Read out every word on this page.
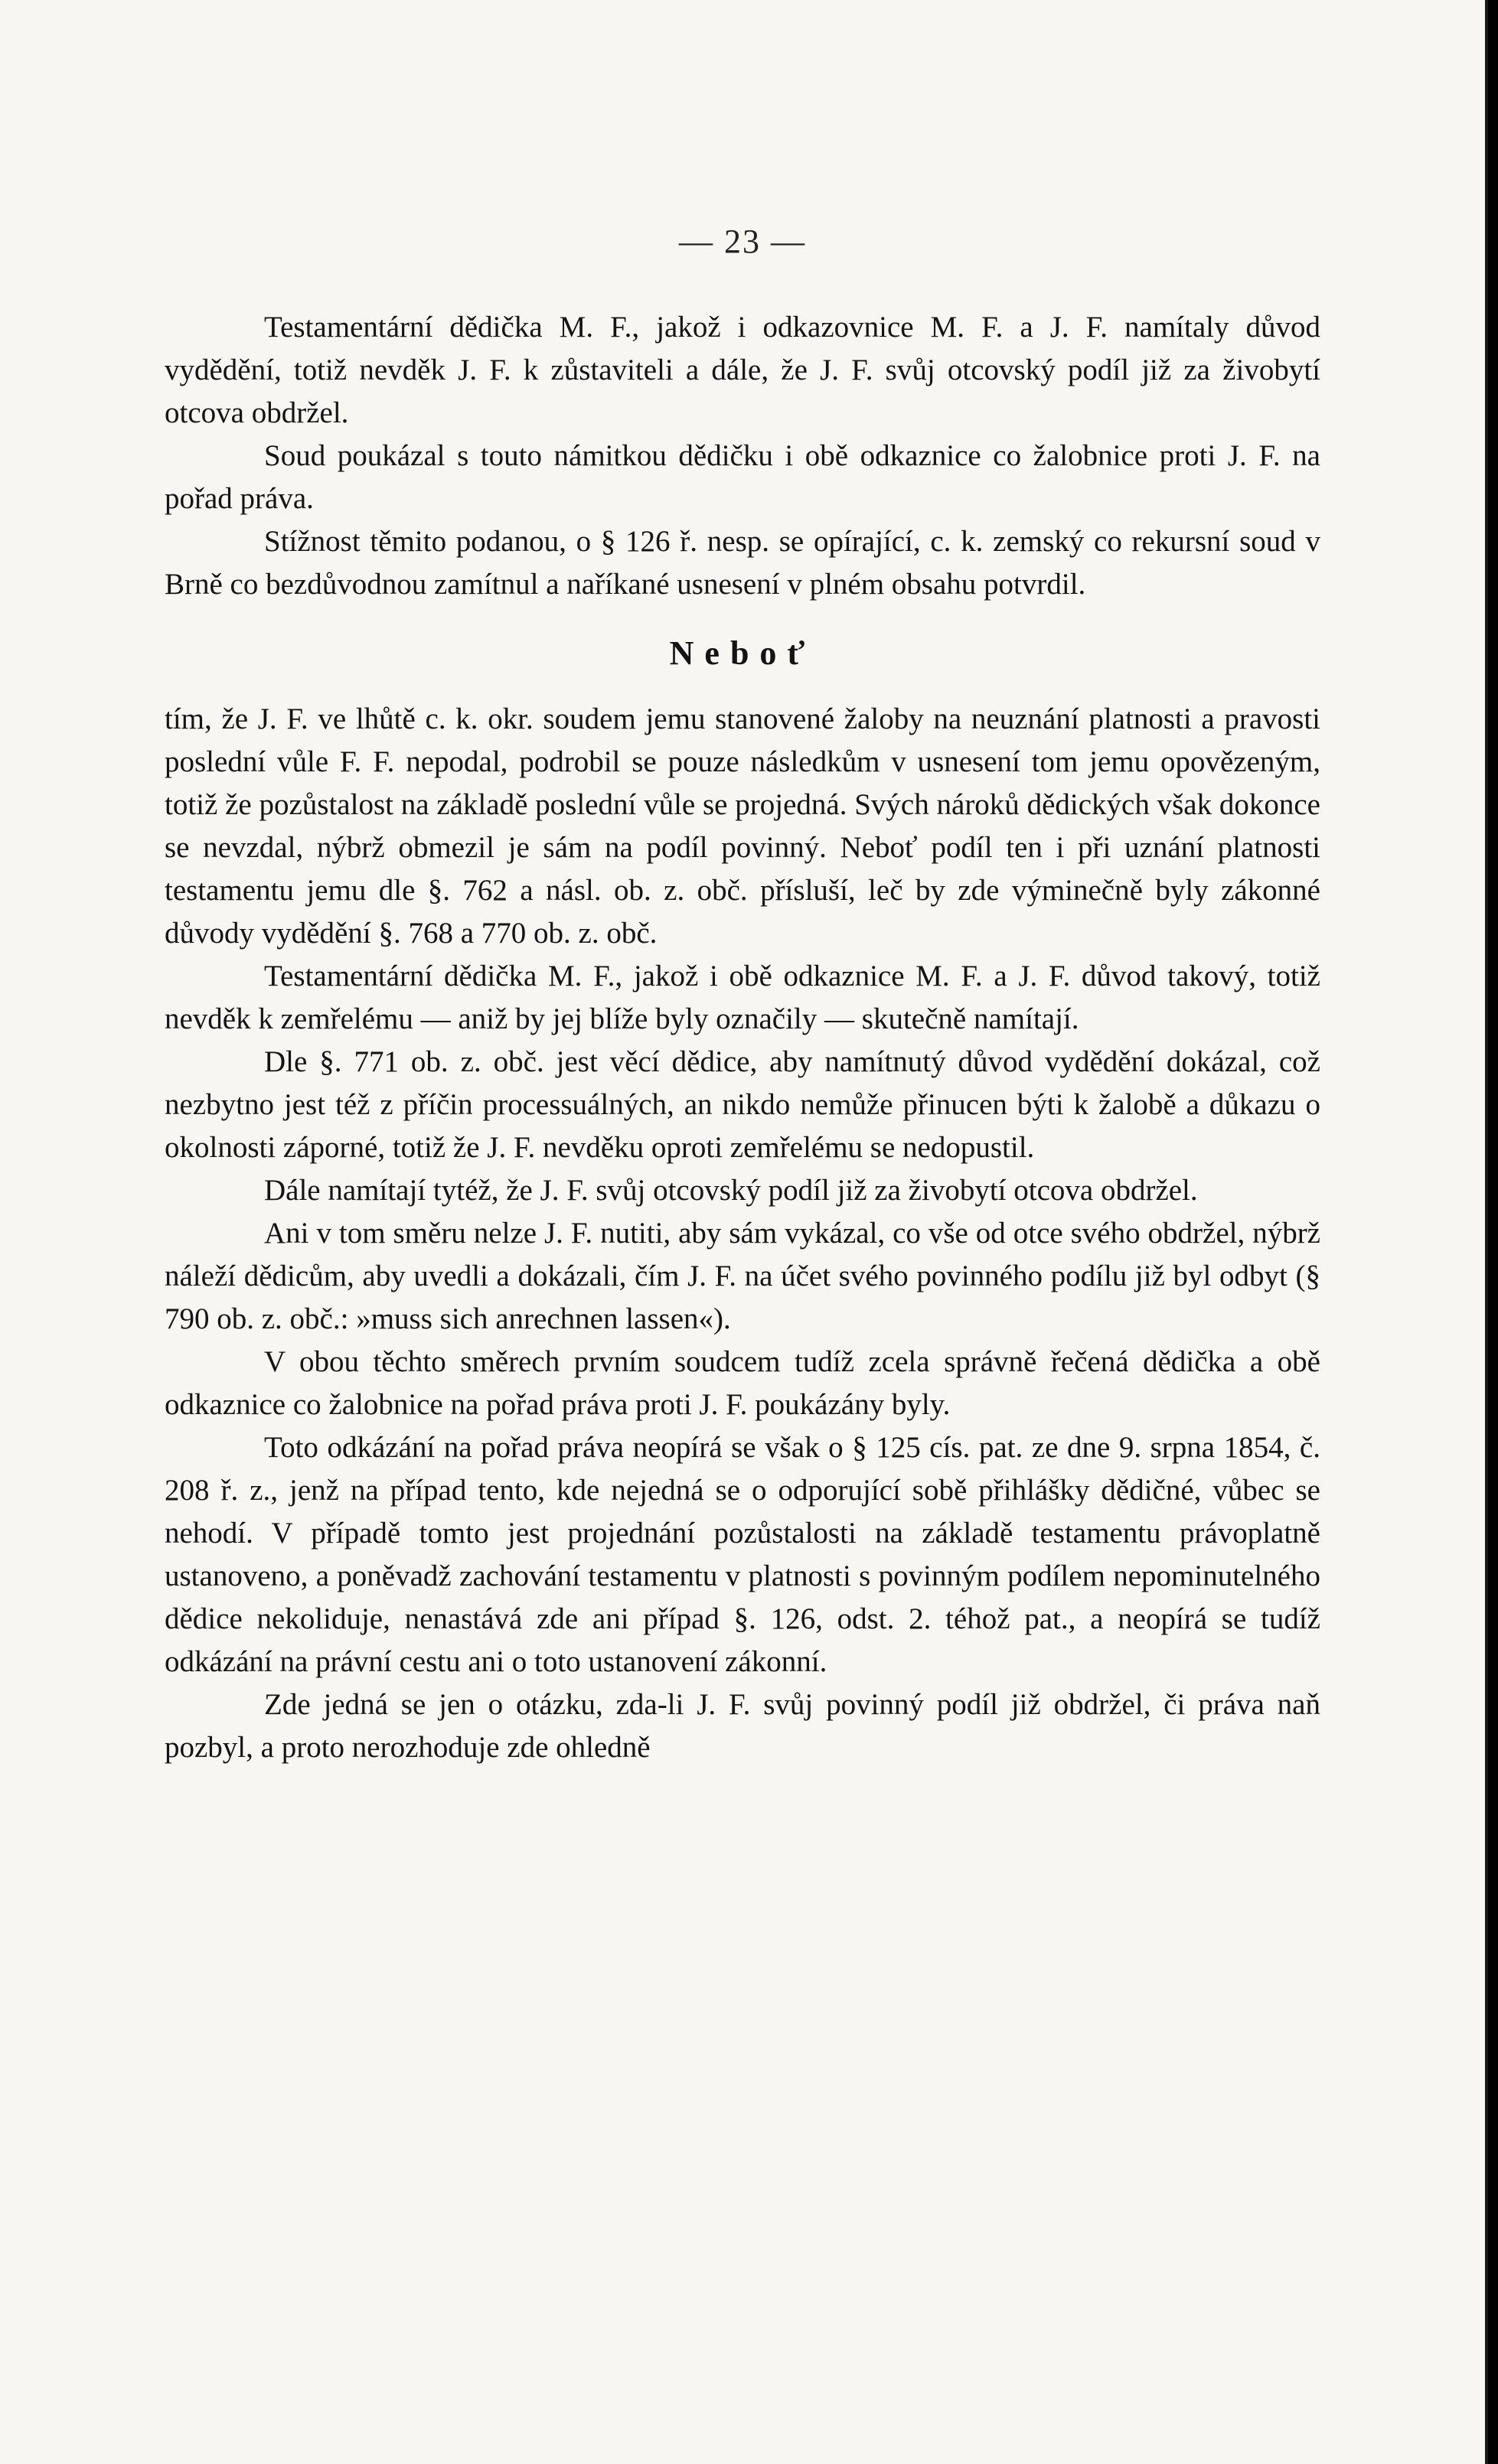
— 23 —

Testamentární dědička M. F., jakož i odkazovnice M. F. a J. F. namítaly důvod vydědění, totiž nevděk J. F. k zůstaviteli a dále, že J. F. svůj otcovský podíl již za živobytí otcova obdržel.

Soud poukázal s touto námitkou dědičku i obě odkaznice co žalobnice proti J. F. na pořad práva.

Stížnost těmito podanou, o § 126 ř. nesp. se opírající, c. k. zemský co rekursní soud v Brně co bezdůvodnou zamítnul a naříkané usnesení v plném obsahu potvrdil.

Neboť

tím, že J. F. ve lhůtě c. k. okr. soudem jemu stanovené žaloby na neuznání platnosti a pravosti poslední vůle F. F. nepodal, podrobil se pouze následkům v usnesení tom jemu opovězeným, totiž že pozůstalost na základě poslední vůle se projedná. Svých nároků dědických však dokonce se nevzdal, nýbrž obmezil je sám na podíl povinný. Neboť podíl ten i při uznání platnosti testamentu jemu dle §. 762 a násl. ob. z. obč. přísluší, leč by zde výminečně byly zákonné důvody vydědění §. 768 a 770 ob. z. obč.

Testamentární dědička M. F., jakož i obě odkaznice M. F. a J. F. důvod takový, totiž nevděk k zemřelému — aniž by jej blíže byly označily — skutečně namítají.

Dle §. 771 ob. z. obč. jest věcí dědice, aby namítnutý důvod vydědění dokázal, což nezbytno jest též z příčin processuálných, an nikdo nemůže přinucen býti k žalobě a důkazu o okolnosti záporné, totiž že J. F. nevděku oproti zemřelému se nedopustil.

Dále namítají tytéž, že J. F. svůj otcovský podíl již za živobytí otcova obdržel.

Ani v tom směru nelze J. F. nutiti, aby sám vykázal, co vše od otce svého obdržel, nýbrž náleží dědicům, aby uvedli a dokázali, čím J. F. na účet svého povinného podílu již byl odbyt (§ 790 ob. z. obč.: »muss sich anrechnen lassen«).

V obou těchto směrech prvním soudcem tudíž zcela správně řečená dědička a obě odkaznice co žalobnice na pořad práva proti J. F. poukázány byly.

Toto odkázání na pořad práva neopírá se však o § 125 cís. pat. ze dne 9. srpna 1854, č. 208 ř. z., jenž na případ tento, kde nejedná se o odporující sobě přihlášky dědičné, vůbec se nehodí. V případě tomto jest projednání pozůstalosti na základě testamentu právoplatně ustanoveno, a poněvadž zachování testamentu v platnosti s povinným podílem nepominutelného dědice nekoliduje, nenastává zde ani případ §. 126, odst. 2. téhož pat., a neopírá se tudíž odkázání na právní cestu ani o toto ustanovení zákonní.

Zde jedná se jen o otázku, zda-li J. F. svůj povinný podíl již obdržel, či práva naň pozbyl, a proto nerozhoduje zde ohledně
